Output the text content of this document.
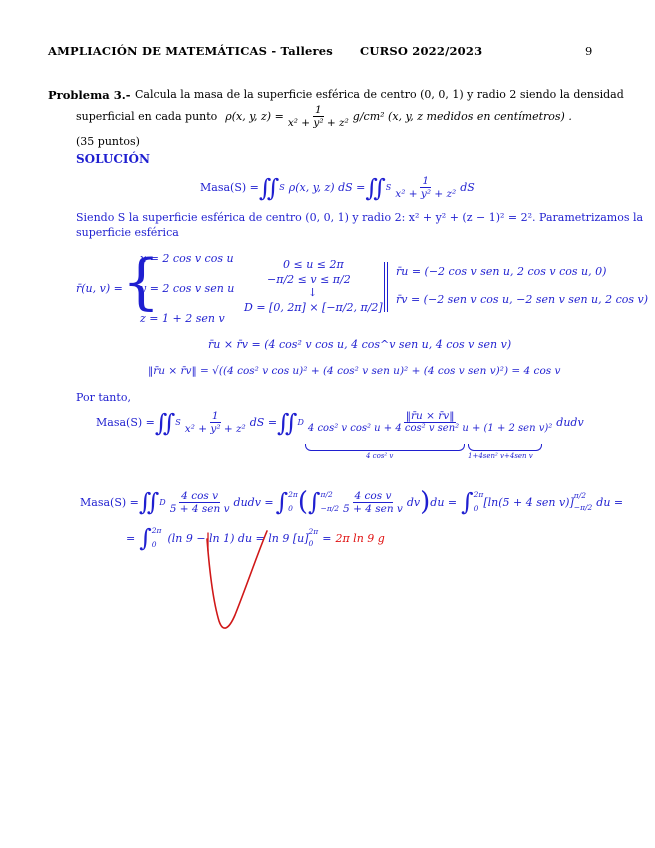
AMPLIACIÓN DE MATEMÁTICAS - Talleres CURSO 2022/2023	9
Problema 3.- Calcula la masa de la superficie esférica de centro (0, 0, 1) y radio 2 siendo la densidad
superficial en cada punto ρ(x, y, $z) = \frac{1}{\text{x² + y² + z²}} g/cm^2$ (x, y, z medidos en centímetros) .
(35 puntos)
SOLUCIÓN
Masa(S) = ∬ S ρ(x, y, z) dS = ∬ S $\frac{1}{\text{x² + y² + z²}}$ dS
Siendo S la superficie esférica de centro (0, 0, 1) y radio 2: x² + y² + (z − 1)² = 2². Parametrizamos la
superficie esférica
r̄(u, v) = {
x = 2 cos v cos u
y = 2 cos v sen u
z = 1 + 2 sen v
0 ≤ u ≤ 2π
−π/2 ≤ v ≤ π/2
↓
D = [0, 2π] × [−π/2, π/2]
r̄u = (−2 cos v sen u, 2 cos v cos u, 0)
r̄v = (−2 sen v cos u, −2 sen v sen u, 2 cos v)
r̄u × r̄v = (4 cos² v cos u, 4 cos^v sen u, 4 cos v sen v)
‖r̄u × r̄v‖ = √((4 cos² v cos u)² + (4 cos² v sen u)² + (4 cos v sen v)²) = 4 cos v
Por tanto,
Masa(S) = ∬ S $\frac{1}{\text{x² + y² + z²}}$ dS = ∬ D $\frac{‖r̄u \times r̄v‖}{\text{4 cos² v cos² u + 4 cos² v sen² u + (1 + 2 sen v)²}}$ dudv
4 cos² v	1+4sen² v+4sen v
Masa(S) = ∬ D $\frac{\text{4 cos v}}{\text{5 + 4 sen v}}$ dudv = ∫ 2π
0 ( ∫ π/2
$-\pi/2 \frac{\text{4 cos v}}{\text{5 + 4 sen v}}$ dv ) du = ∫ 2π
0 [ln(5 + 4 sen v)] π/2
−π/2 du =
= ∫ 2π
0 (ln 9 − ln 1) du = ln 9 [u] 2π
0 = 2π ln 9 g
